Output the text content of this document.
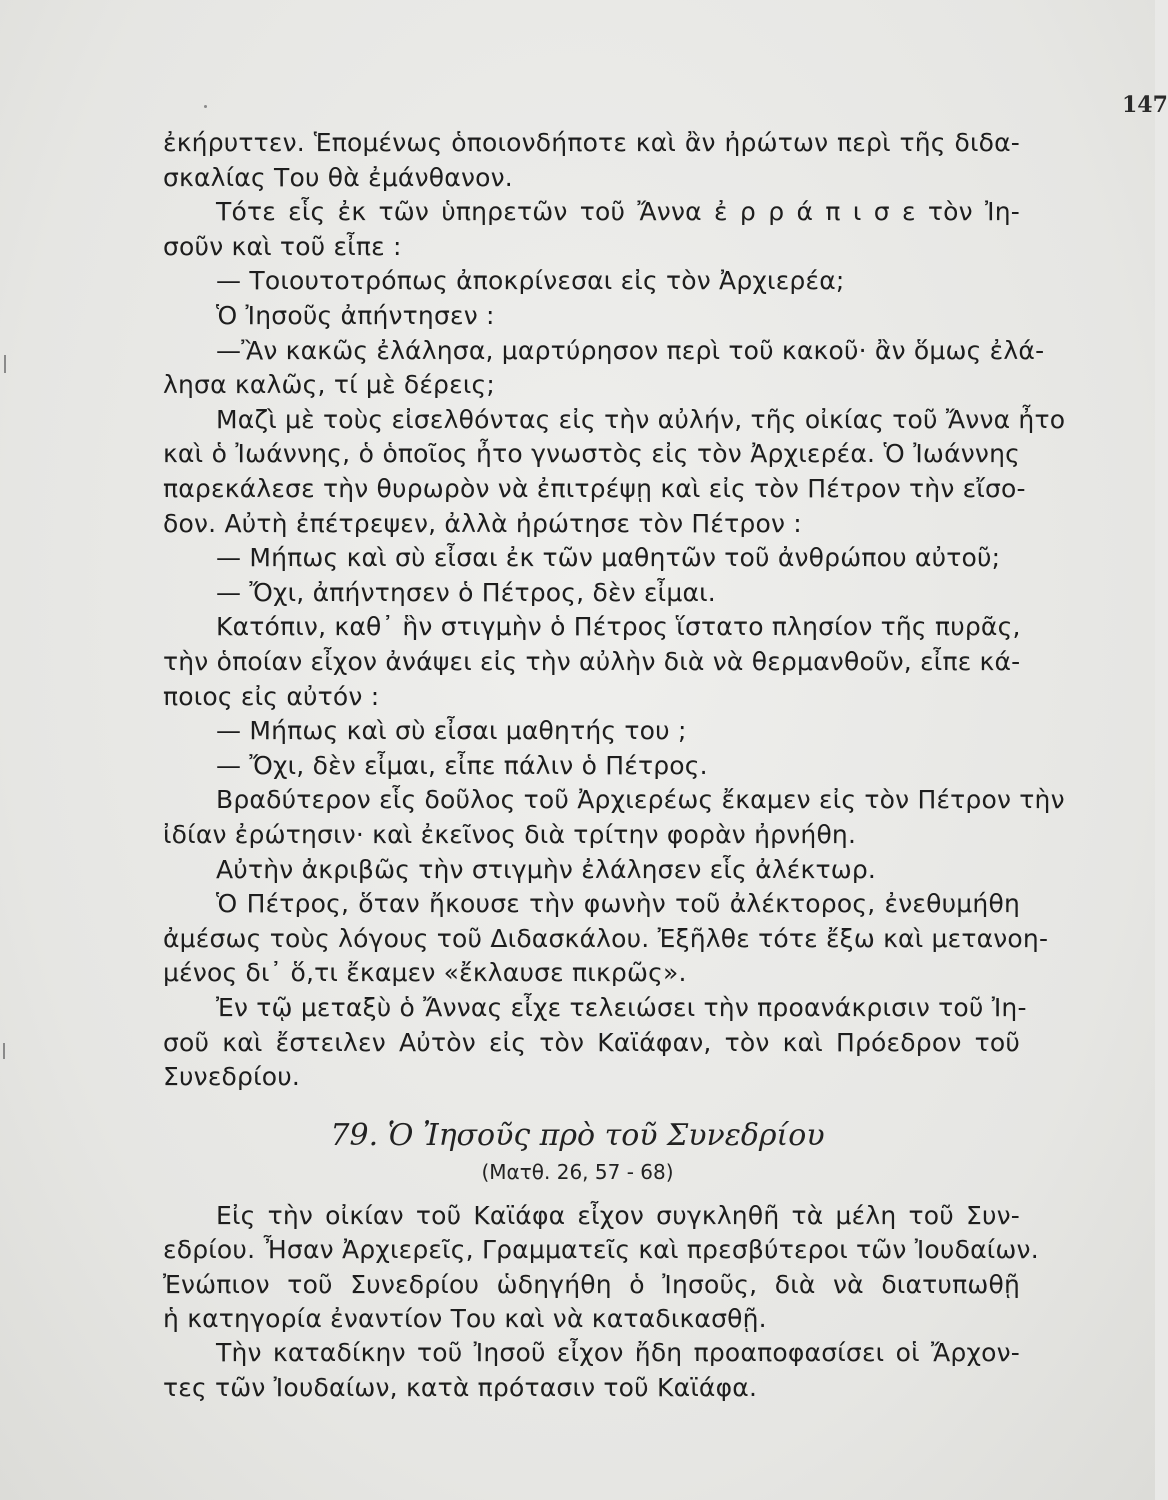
147
ἐκήρυττεν. Ἑπομένως ὁποιονδήποτε καὶ ἂν ἠρώτων περὶ τῆς διδα-
σκαλίας Του θὰ ἐμάνθανον.
Τότε εἷς ἐκ τῶν ὑπηρετῶν τοῦ Ἄννα ἐ ρ ρ ά π ι σ ε τὸν Ἰη-
σοῦν καὶ τοῦ εἶπε :
— Τοιουτοτρόπως ἀποκρίνεσαι εἰς τὸν Ἀρχιερέα;
Ὁ Ἰησοῦς ἀπήντησεν :
—Ἂν κακῶς ἐλάλησα, μαρτύρησον περὶ τοῦ κακοῦ· ἂν ὅμως ἐλά-
λησα καλῶς, τί μὲ δέρεις;
Μαζὶ μὲ τοὺς εἰσελθόντας εἰς τὴν αὐλήν, τῆς οἰκίας τοῦ Ἄννα ἦτο
καὶ ὁ Ἰωάννης, ὁ ὁποῖος ἦτο γνωστὸς εἰς τὸν Ἀρχιερέα. Ὁ Ἰωάννης
παρεκάλεσε τὴν θυρωρὸν νὰ ἐπιτρέψῃ καὶ εἰς τὸν Πέτρον τὴν εἴσο-
δον. Αὐτὴ ἐπέτρεψεν, ἀλλὰ ἠρώτησε τὸν Πέτρον :
— Μήπως καὶ σὺ εἶσαι ἐκ τῶν μαθητῶν τοῦ ἀνθρώπου αὐτοῦ;
— Ὄχι, ἀπήντησεν ὁ Πέτρος, δὲν εἶμαι.
Κατόπιν, καθ᾽ ἣν στιγμὴν ὁ Πέτρος ἵστατο πλησίον τῆς πυρᾶς,
τὴν ὁποίαν εἶχον ἀνάψει εἰς τὴν αὐλὴν διὰ νὰ θερμανθοῦν, εἶπε κά-
ποιος εἰς αὐτόν :
— Μήπως καὶ σὺ εἶσαι μαθητής του ;
— Ὄχι, δὲν εἶμαι, εἶπε πάλιν ὁ Πέτρος.
Βραδύτερον εἷς δοῦλος τοῦ Ἀρχιερέως ἔκαμεν εἰς τὸν Πέτρον τὴν
ἰδίαν ἐρώτησιν· καὶ ἐκεῖνος διὰ τρίτην φορὰν ἠρνήθη.
Αὐτὴν ἀκριβῶς τὴν στιγμὴν ἐλάλησεν εἷς ἀλέκτωρ.
Ὁ Πέτρος, ὅταν ἤκουσε τὴν φωνὴν τοῦ ἀλέκτορος, ἐνεθυμήθη
ἀμέσως τοὺς λόγους τοῦ Διδασκάλου. Ἐξῆλθε τότε ἔξω καὶ μετανοη-
μένος δι᾽ ὅ,τι ἔκαμεν «ἔκλαυσε πικρῶς».
Ἐν τῷ μεταξὺ ὁ Ἄννας εἶχε τελειώσει τὴν προανάκρισιν τοῦ Ἰη-
σοῦ καὶ ἔστειλεν Αὐτὸν εἰς τὸν Καϊάφαν, τὸν καὶ Πρόεδρον τοῦ
Συνεδρίου.
79. Ὁ Ἰησοῦς πρὸ τοῦ Συνεδρίου
(Ματθ. 26, 57 - 68)
Εἰς τὴν οἰκίαν τοῦ Καϊάφα εἶχον συγκληθῆ τὰ μέλη τοῦ Συν-
εδρίου. Ἦσαν Ἀρχιερεῖς, Γραμματεῖς καὶ πρεσβύτεροι τῶν Ἰουδαίων.
Ἐνώπιον τοῦ Συνεδρίου ὡδηγήθη ὁ Ἰησοῦς, διὰ νὰ διατυπωθῇ
ἡ κατηγορία ἐναντίον Του καὶ νὰ καταδικασθῇ.
Τὴν καταδίκην τοῦ Ἰησοῦ εἶχον ἤδη προαποφασίσει οἱ Ἄρχον-
τες τῶν Ἰουδαίων, κατὰ πρότασιν τοῦ Καϊάφα.
